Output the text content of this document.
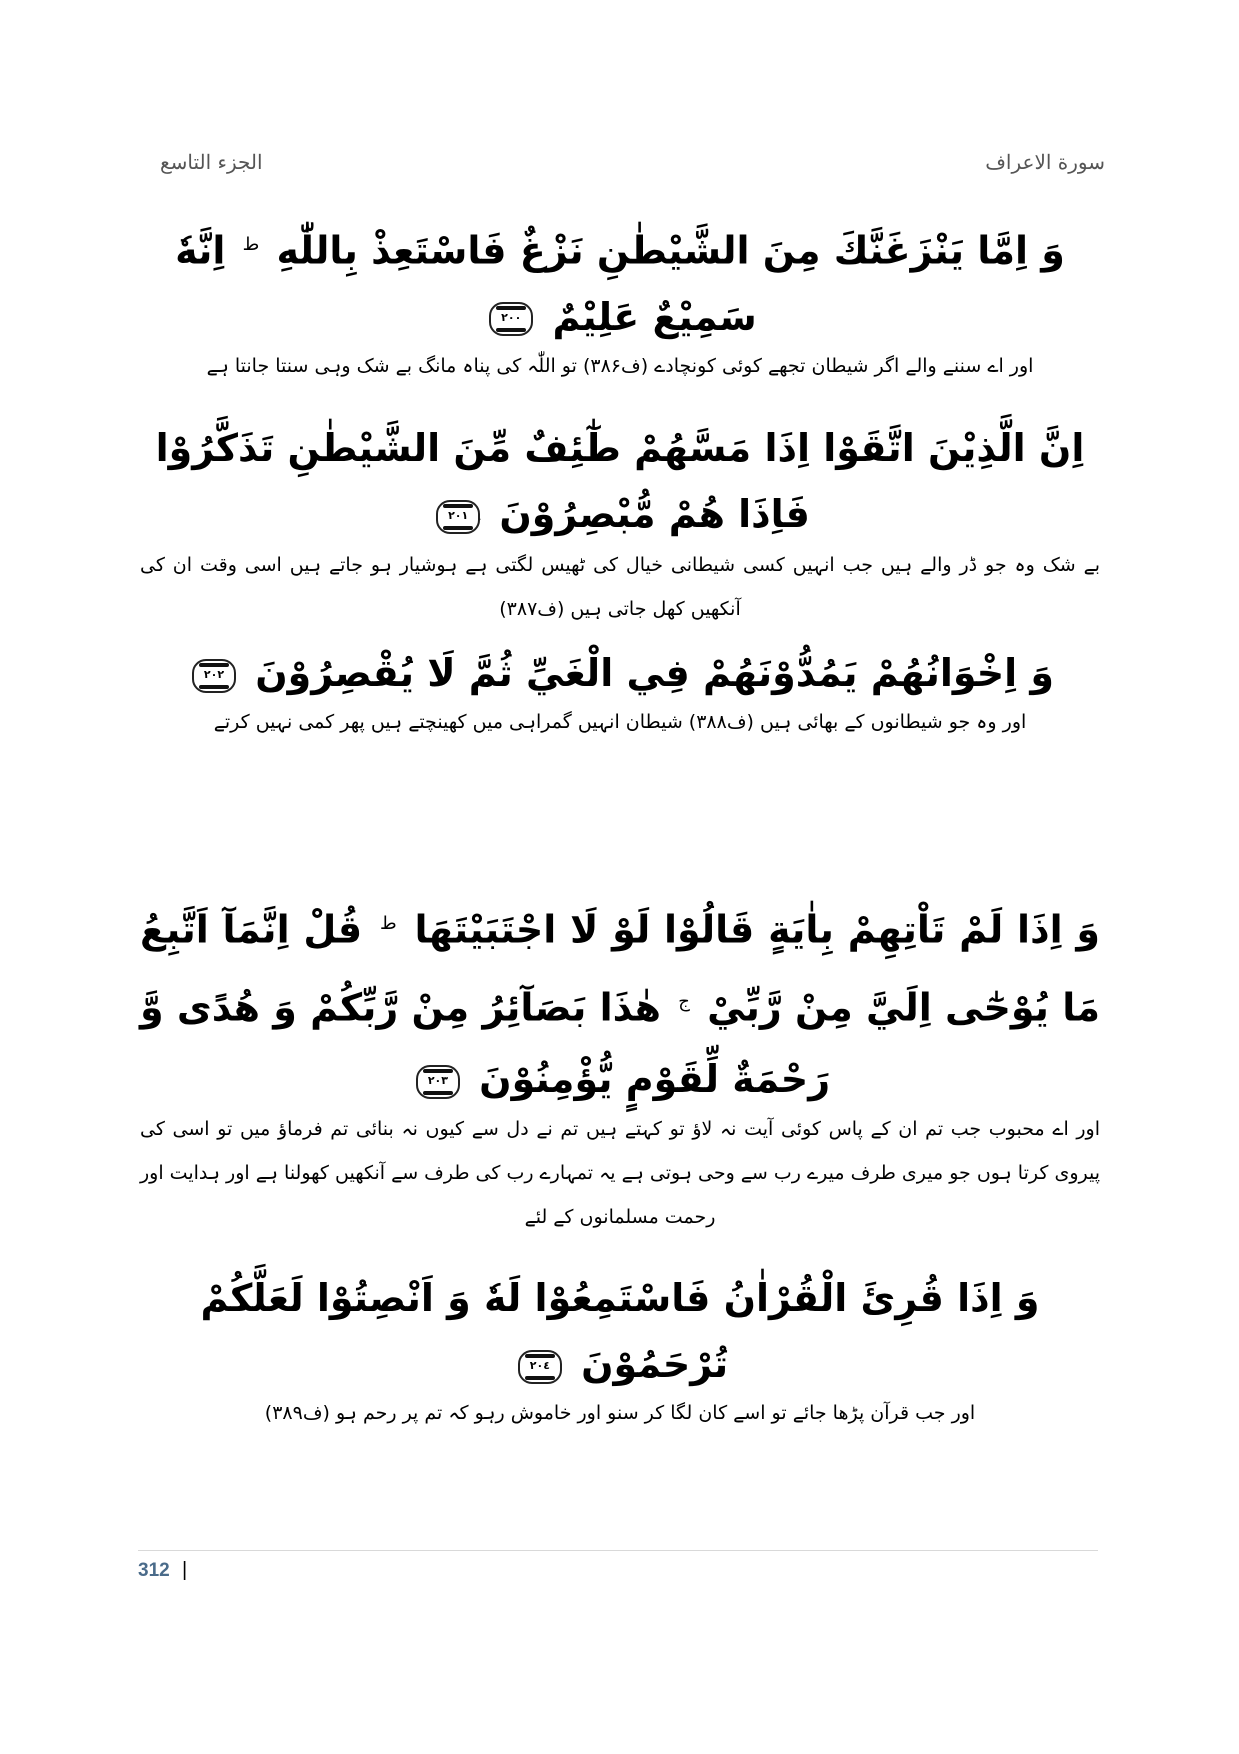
الجزء التاسع	سورة الاعراف
وَ اِمَّا يَنْزَغَنَّكَ مِنَ الشَّيْطٰنِ نَزْغٌ فَاسْتَعِذْ بِاللّٰهِ $^ط$ اِنَّهٗ سَمِيْعٌ عَلِيْمٌ
٢٠٠
اور اے سننے والے اگر شیطان تجھے کوئی کونچادے (ف۳۸۶) تو اللّٰہ کی پناہ مانگ بے شک وہی سنتا جانتا ہے
اِنَّ الَّذِيْنَ اتَّقَوْا اِذَا مَسَّهُمْ طٰٓئِفٌ مِّنَ الشَّيْطٰنِ تَذَكَّرُوْا فَاِذَا هُمْ مُّبْصِرُوْنَ
٢٠١
بے شک وہ جو ڈر والے ہیں جب انہیں کسی شیطانی خیال کی ٹھیس لگتی ہے ہوشیار ہو جاتے ہیں اسی وقت ان کی آنکھیں کھل جاتی ہیں (ف۳۸۷)
وَ اِخْوَانُهُمْ يَمُدُّوْنَهُمْ فِي الْغَيِّ ثُمَّ لَا يُقْصِرُوْنَ
٢٠٢
اور وہ جو شیطانوں کے بھائی ہیں (ف۳۸۸) شیطان انہیں گمراہی میں کھینچتے ہیں پھر کمی نہیں کرتے
وَ اِذَا لَمْ تَاْتِهِمْ بِاٰيَةٍ قَالُوْا لَوْ لَا اجْتَبَيْتَهَا $^ط$ قُلْ اِنَّمَآ اَتَّبِعُ مَا يُوْحٰٓى اِلَيَّ مِنْ رَّبِّيْ $^ج$ هٰذَا بَصَآئِرُ مِنْ رَّبِّكُمْ وَ هُدًى وَّ رَحْمَةٌ لِّقَوْمٍ يُّؤْمِنُوْنَ
٢٠٣
اور اے محبوب جب تم ان کے پاس کوئی آیت نہ لاؤ تو کہتے ہیں تم نے دل سے کیوں نہ بنائی تم فرماؤ میں تو اسی کی پیروی کرتا ہوں جو میری طرف میرے رب سے وحی ہوتی ہے یہ تمہارے رب کی طرف سے آنکھیں کھولنا ہے اور ہدایت اور رحمت مسلمانوں کے لئے
وَ اِذَا قُرِئَ الْقُرْاٰنُ فَاسْتَمِعُوْا لَهٗ وَ اَنْصِتُوْا لَعَلَّكُمْ تُرْحَمُوْنَ
٢٠٤
اور جب قرآن پڑھا جائے تو اسے کان لگا کر سنو اور خاموش رہو کہ تم پر رحم ہو (ف۳۸۹)
312 |
